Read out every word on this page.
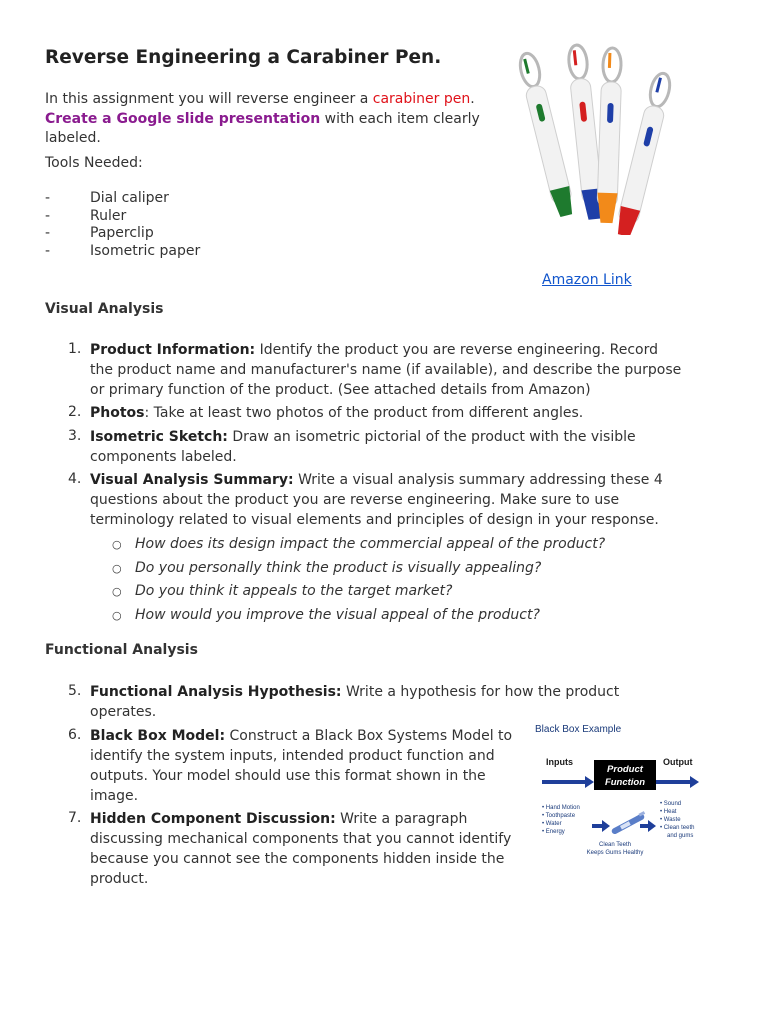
Reverse Engineering a Carabiner Pen.

In this assignment you will reverse engineer a carabiner pen.
Create a Google slide presentation with each item clearly labeled.

Tools Needed:

-	Dial caliper
-	Ruler
-	Paperclip
-	Isometric paper
Amazon Link

Visual Analysis

1. Product Information: Identify the product you are reverse engineering. Record the product name and manufacturer's name (if available), and describe the purpose or primary function of the product. (See attached details from Amazon)
2. Photos: Take at least two photos of the product from different angles.
3. Isometric Sketch: Draw an isometric pictorial of the product with the visible components labeled.
4. Visual Analysis Summary: Write a visual analysis summary addressing these 4 questions about the product you are reverse engineering. Make sure to use terminology related to visual elements and principles of design in your response.
○ How does its design impact the commercial appeal of the product?
○ Do you personally think the product is visually appealing?
○ Do you think it appeals to the target market?
○ How would you improve the visual appeal of the product?

Functional Analysis

5. Functional Analysis Hypothesis: Write a hypothesis for how the product operates.
6. Black Box Model: Construct a Black Box Systems Model to identify the system inputs, intended product function and outputs. Your model should use this format shown in the image.
7. Hidden Component Discussion: Write a paragraph discussing mechanical components that you cannot identify because you cannot see the components hidden inside the product.
Black Box Example
Inputs	Output
Product
Function
• Hand Motion
• Toothpaste
• Water
• Energy
• Sound
• Heat
• Waste
• Clean teeth
and gums
Clean Teeth
Keeps Gums Healthy
